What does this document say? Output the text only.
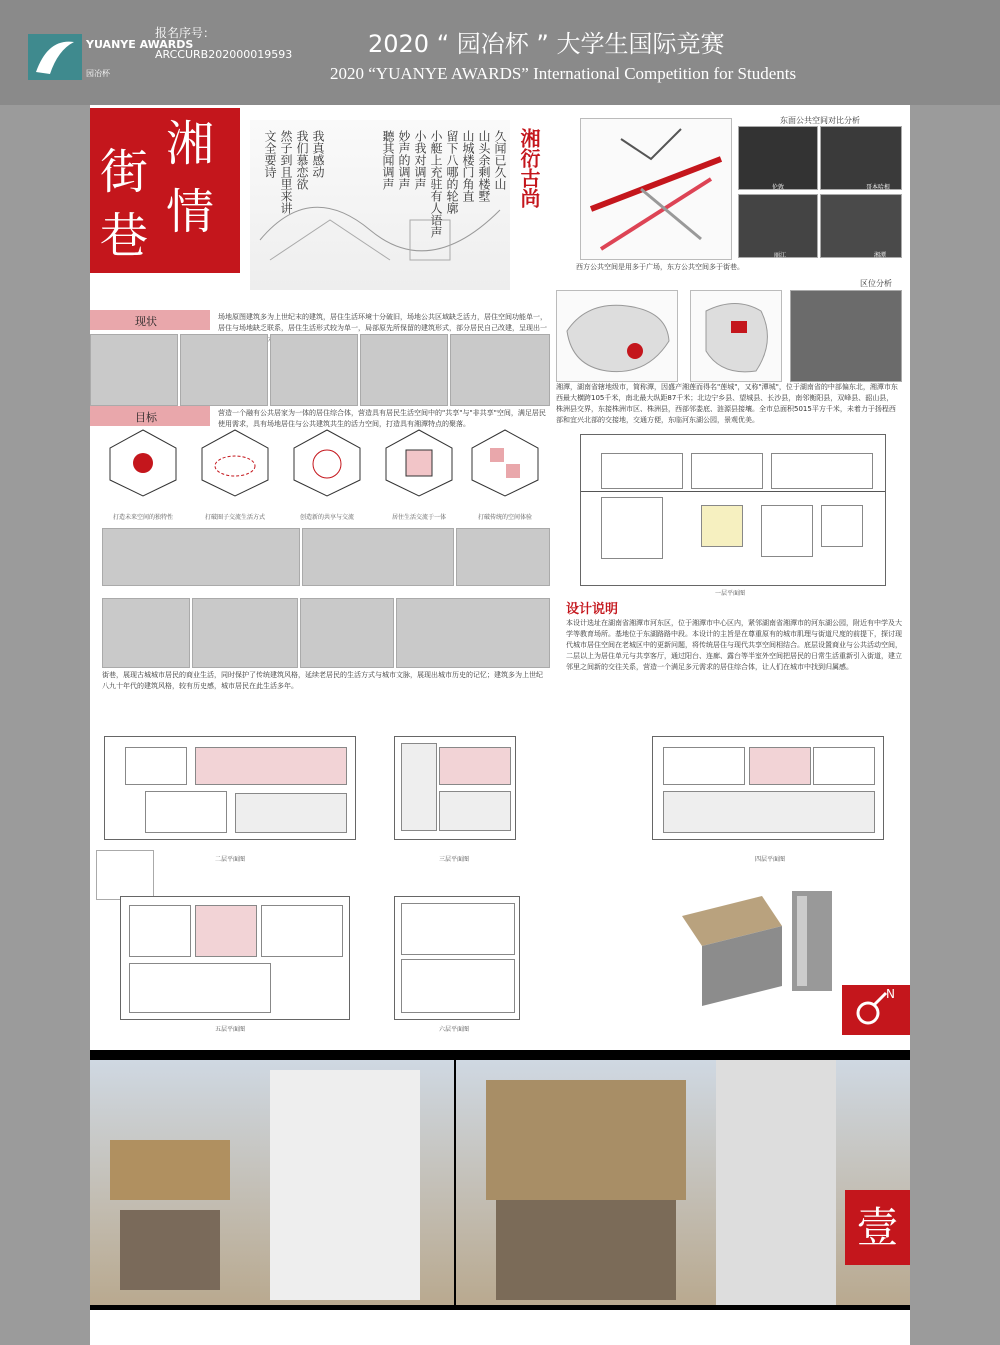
YUANYE AWARDS
园冶杯
报名序号：
ARCCURB202000019593	2020 “ 园冶杯 ” 大学生国际竞赛
2020 “YUANYE AWARDS” International Competition for Students
湘
街
情
巷
久闻已久山
山头余剩楼墅
山城楼门角直
留下八哪的轮廓
小艇上充驻有人语声
小我对调声
妙声的调声
聽其闻调声
我真感动
我们慕恋欲
然子到且里来讲
文全要诗	湘衍古尚
东面公共空间对比分析
伦敦	哥本哈根
丽江	湘潭
西方公共空间是用多于广场，东方公共空间多于街巷。
区位分析
湘潭，湖南省辖地级市，简称潭，因盛产湘莲而得名"莲城"，又称"潭城"，位于湖南省的中部偏东北，湘潭市东西最大横跨105千米，南北最大纵距87千米；北边宁乡县、望城县、长沙县，南邻衡阳县，双峰县、韶山县，株洲县交界，东接株洲市区、株洲县，西部邻娄底、涟源县接壤。全市总面积5015平方千米，未着力于扬程西部和宜兴北部的交接地，交通方便，东临河东湖公园，景观优美。
现状	场地原图建筑多为上世纪末的建筑，居住生活环境十分破旧，场地公共区域缺乏活力，居住空间功能单一，居住与场地缺乏联系，居住生活形式较为单一，局部原先所保留的建筑形式，部分居民自己改建，呈现出一
目标	营造一个融有公共居家为一体的居住综合体，营造具有居民生活空间中的"共享"与"非共享"空间，满足居民使用需求，具有场地居住与公共建筑共生的活力空间，打造具有湘潭特点的聚落。
打造未来空间的独特性	打破圈子交流生活方式	创造新的共享与交流	居住生活交流于一体	打破传统的空间体验
街巷，展现古城城市居民的商业生活，同时保护了传统建筑风格，延续老居民的生活方式与城市文脉，展现出城市历史的记忆；建筑多为上世纪八九十年代的建筑风格，较有历史感，城市居民在此生活多年。
一层平面图
设计说明
本设计选址在湖南省湘潭市河东区，位于湘潭市中心区内，紧邻湖南省湘潭市的河东湖公园，附近有中学及大学等教育场所。基地位于东湖路路中段。本设计的主旨是在尊重原有的城市肌理与街道尺度的前提下，探讨现代城市居住空间在老城区中的更新问题，将传统居住与现代共享空间相结合。底层设置商业与公共活动空间，二层以上为居住单元与共享客厅，通过阳台、连廊、露台等半室外空间把居民的日常生活重新引入街道，建立邻里之间新的交往关系，营造一个满足多元需求的居住综合体，让人们在城市中找到归属感。
二层平面图	三层平面图	四层平面图
五层平面图	六层平面图
N
壹
